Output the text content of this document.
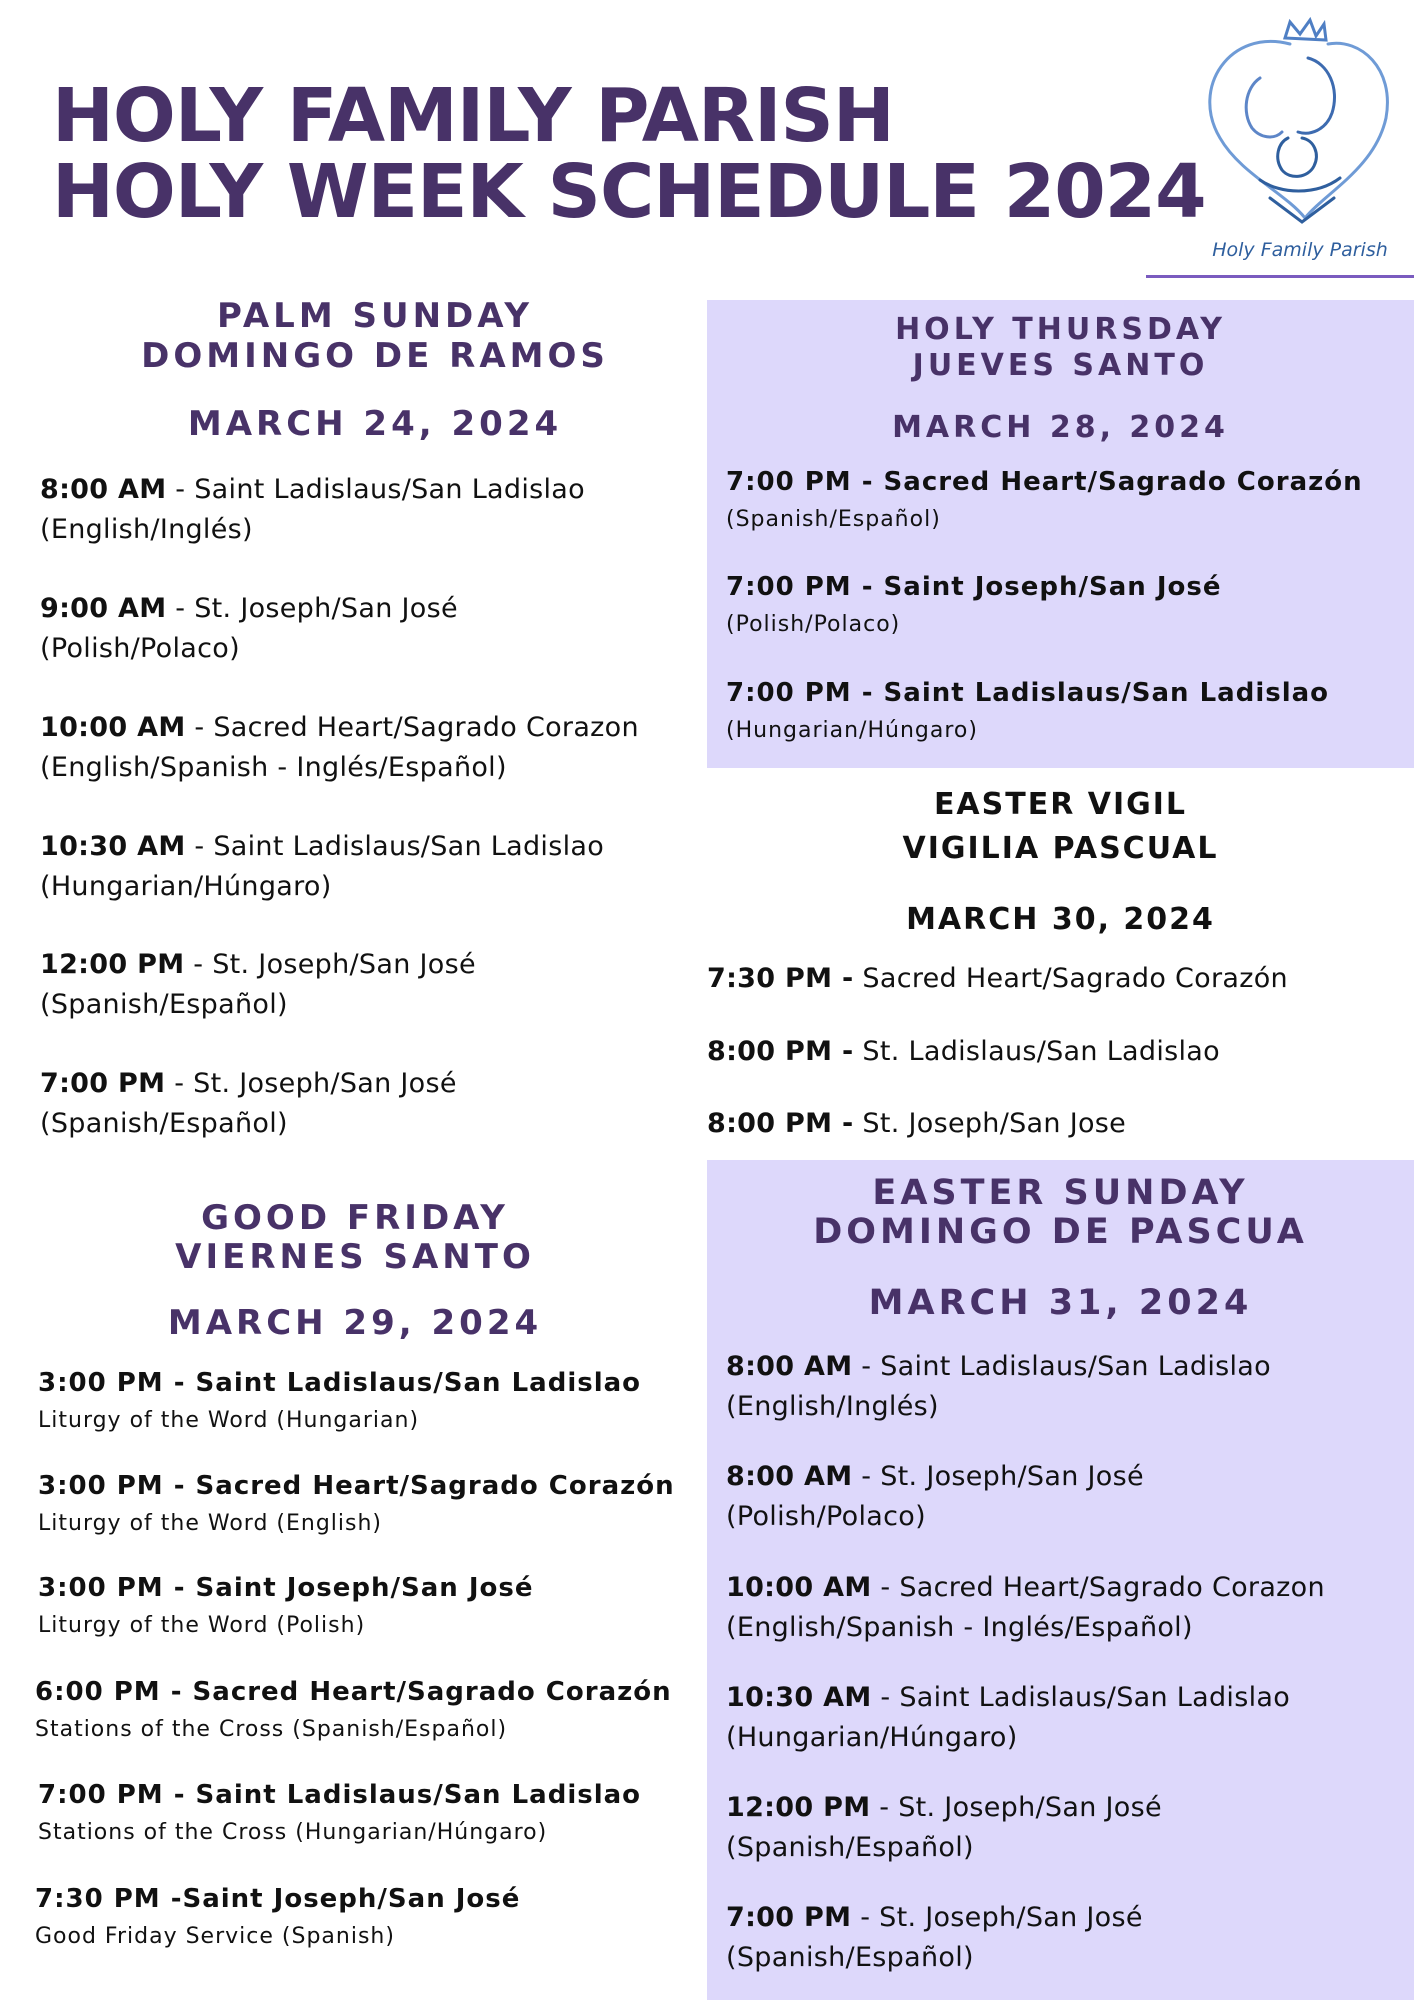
HOLY FAMILY PARISH
HOLY WEEK SCHEDULE 2024
Holy Family Parish
PALM SUNDAY
DOMINGO DE RAMOS
MARCH 24, 2024
8:00 AM - Saint Ladislaus/San Ladislao
(English/Inglés)
9:00 AM - St. Joseph/San José
(Polish/Polaco)
10:00 AM - Sacred Heart/Sagrado Corazon
(English/Spanish - Inglés/Español)
10:30 AM - Saint Ladislaus/San Ladislao
(Hungarian/Húngaro)
12:00 PM - St. Joseph/San José
(Spanish/Español)
7:00 PM - St. Joseph/San José
(Spanish/Español)
GOOD FRIDAY
VIERNES SANTO
MARCH 29, 2024
3:00 PM - Saint Ladislaus/San Ladislao
Liturgy of the Word (Hungarian)
3:00 PM - Sacred Heart/Sagrado Corazón
Liturgy of the Word (English)
3:00 PM - Saint Joseph/San José
Liturgy of the Word (Polish)
6:00 PM - Sacred Heart/Sagrado Corazón
Stations of the Cross (Spanish/Español)
7:00 PM - Saint Ladislaus/San Ladislao
Stations of the Cross (Hungarian/Húngaro)
7:30 PM -Saint Joseph/San José
Good Friday Service (Spanish)
HOLY THURSDAY
JUEVES SANTO
MARCH 28, 2024
7:00 PM - Sacred Heart/Sagrado Corazón
(Spanish/Español)
7:00 PM - Saint Joseph/San José
(Polish/Polaco)
7:00 PM - Saint Ladislaus/San Ladislao
(Hungarian/Húngaro)
EASTER VIGIL
VIGILIA PASCUAL
MARCH 30, 2024
7:30 PM - Sacred Heart/Sagrado Corazón
8:00 PM - St. Ladislaus/San Ladislao
8:00 PM - St. Joseph/San Jose
EASTER SUNDAY
DOMINGO DE PASCUA
MARCH 31, 2024
8:00 AM - Saint Ladislaus/San Ladislao
(English/Inglés)
8:00 AM - St. Joseph/San José
(Polish/Polaco)
10:00 AM - Sacred Heart/Sagrado Corazon
(English/Spanish - Inglés/Español)
10:30 AM - Saint Ladislaus/San Ladislao
(Hungarian/Húngaro)
12:00 PM - St. Joseph/San José
(Spanish/Español)
7:00 PM - St. Joseph/San José
(Spanish/Español)
